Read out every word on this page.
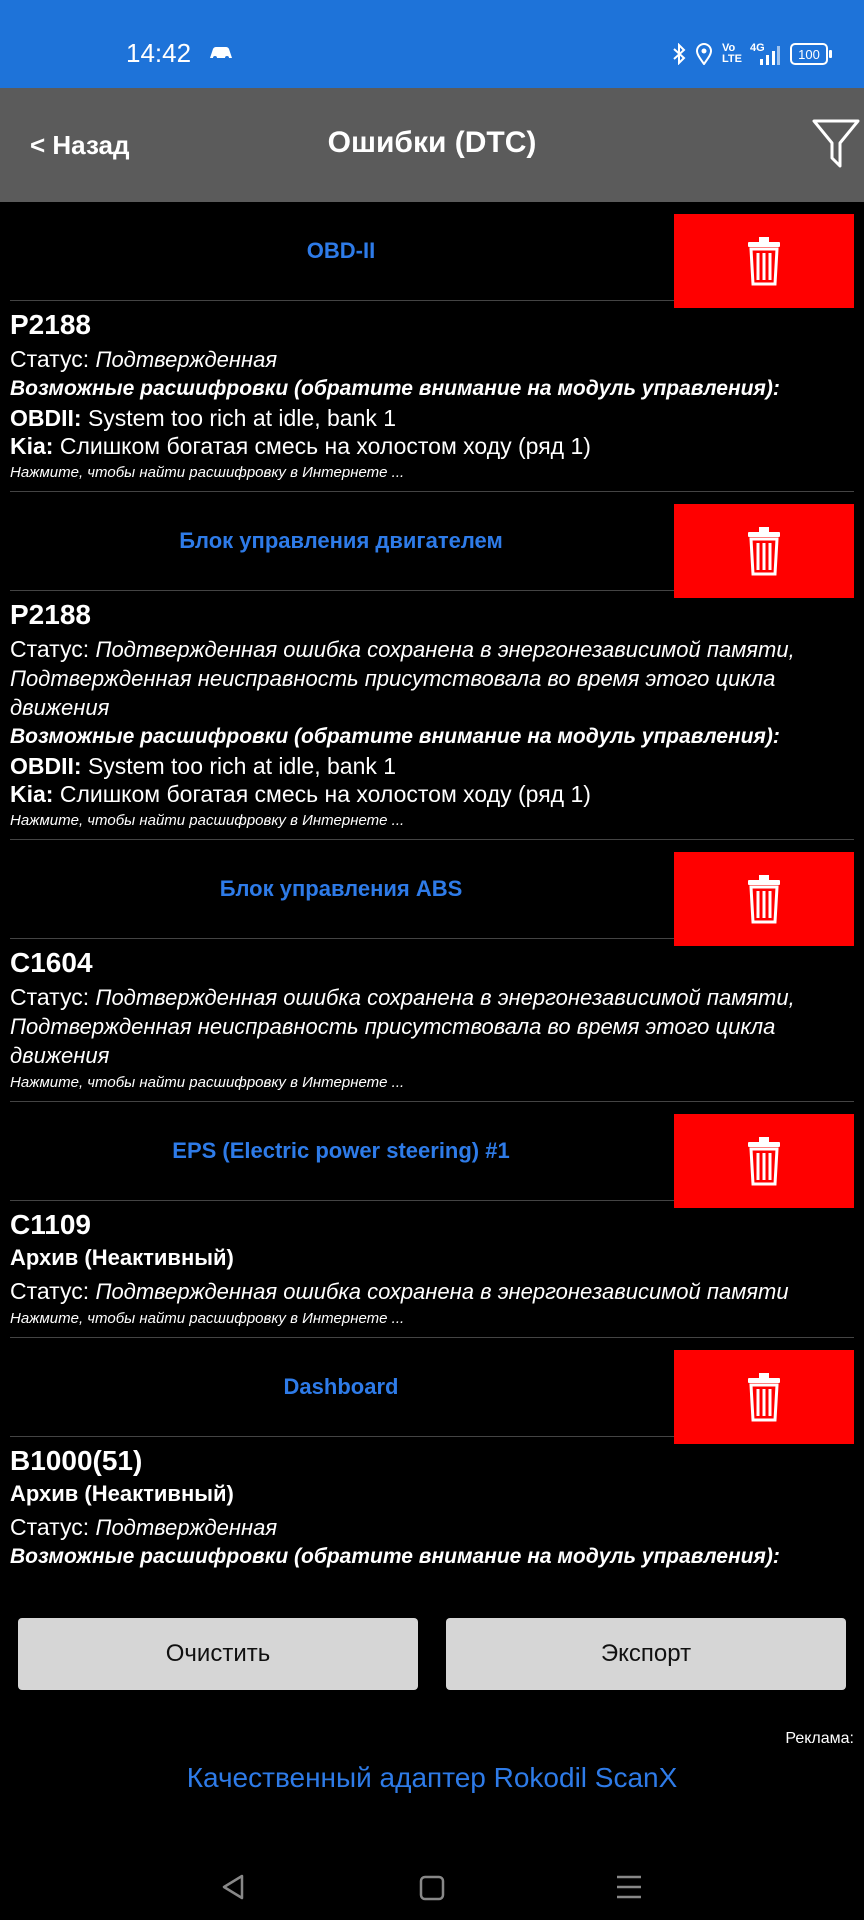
14:42	Vo LTE
4G	100
< Назад	Ошибки (DTC)
OBD-II
P2188
Статус: Подтвержденная
Возможные расшифровки (обратите внимание на модуль управления):
OBDII: System too rich at idle, bank 1
Kia: Слишком богатая смесь на холостом ходу (ряд 1)
Нажмите, чтобы найти расшифровку в Интернете ...
Блок управления двигателем
P2188
Статус: Подтвержденная ошибка сохранена в энергонезависимой памяти, Подтвержденная неисправность присутствовала во время этого цикла движения
Возможные расшифровки (обратите внимание на модуль управления):
OBDII: System too rich at idle, bank 1
Kia: Слишком богатая смесь на холостом ходу (ряд 1)
Нажмите, чтобы найти расшифровку в Интернете ...
Блок управления ABS
C1604
Статус: Подтвержденная ошибка сохранена в энергонезависимой памяти, Подтвержденная неисправность присутствовала во время этого цикла движения
Нажмите, чтобы найти расшифровку в Интернете ...
EPS (Electric power steering) #1
C1109
Архив (Неактивный)
Статус: Подтвержденная ошибка сохранена в энергонезависимой памяти
Нажмите, чтобы найти расшифровку в Интернете ...
Dashboard
B1000(51)
Архив (Неактивный)
Статус: Подтвержденная
Возможные расшифровки (обратите внимание на модуль управления):
Очистить	Экспорт
Реклама:
Качественный адаптер Rokodil ScanX
